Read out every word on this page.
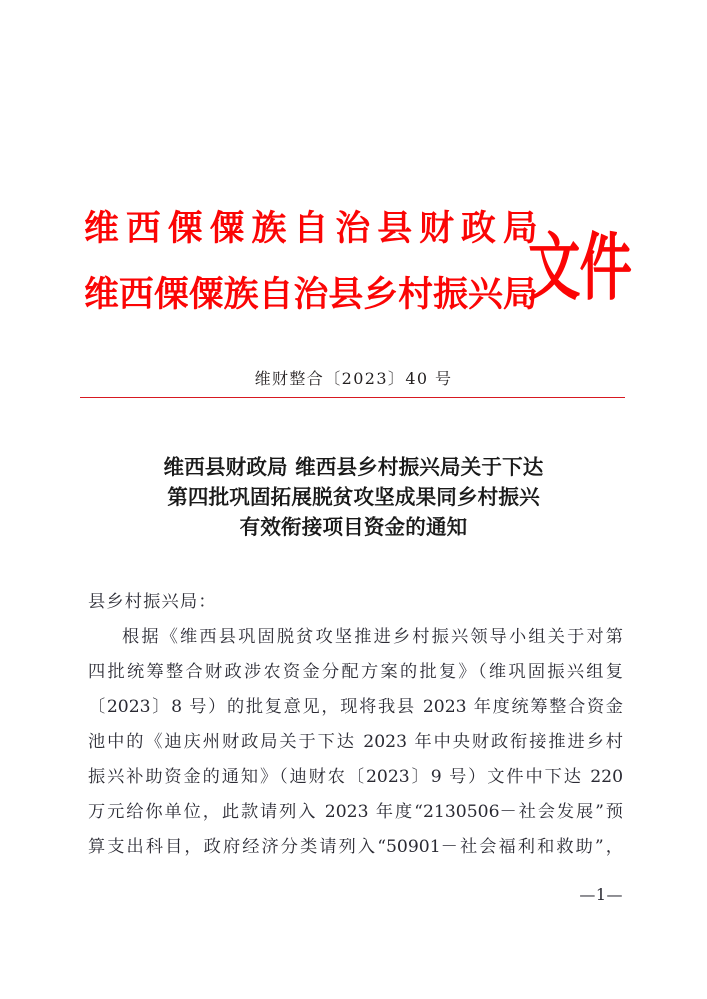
维西傈僳族自治县财政局
维西傈僳族自治县乡村振兴局
文件
维财整合〔2023〕40 号
维西县财政局 维西县乡村振兴局关于下达
第四批巩固拓展脱贫攻坚成果同乡村振兴
有效衔接项目资金的通知
县乡村振兴局：
根据《维西县巩固脱贫攻坚推进乡村振兴领导小组关于对第
四批统筹整合财政涉农资金分配方案的批复》（维巩固振兴组复
〔2023〕8 号）的批复意见，现将我县 2023 年度统筹整合资金
池中的《迪庆州财政局关于下达 2023 年中央财政衔接推进乡村
振兴补助资金的通知》（迪财农〔2023〕9 号）文件中下达 220
万元给你单位，此款请列入 2023 年度“2130506－社会发展”预
算支出科目，政府经济分类请列入“50901－社会福利和救助”，
—1—
